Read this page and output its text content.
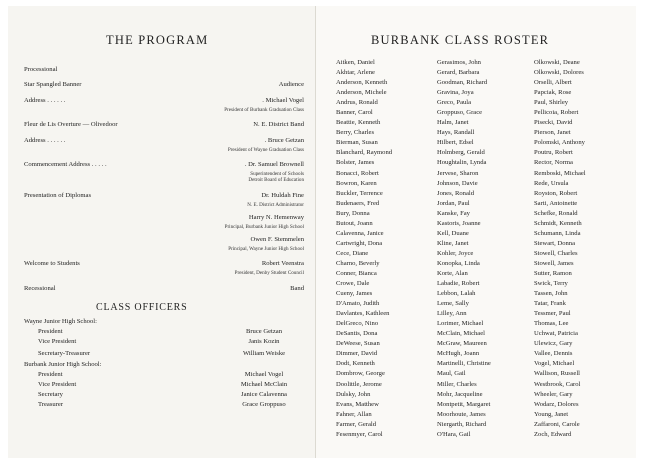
THE PROGRAM
Processional
Star Spangled Banner	Audience
Address . . . . . .	. Michael Vogel
President of Burbank Graduation Class
Fleur de Lis Overture — Olivedoor	N. E. District Band
Address . . . . . .	. Bruce Getzan
President of Wayne Graduation Class
Commencement Address . . . . .	. Dr. Samuel Brownell
Superintendent of Schools
Detroit Board of Education
Presentation of Diplomas	Dr. Huldah Fine
N. E. District Administrator
Harry N. Hemenway
Principal, Burbank Junior High School
Owen F. Stemmelen
Principal, Wayne Junior High School
Welcome to Students	Robert Veenstra
President, Denby Student Council
Recessional	Band
CLASS OFFICERS
Wayne Junior High School:
President	Bruce Getzan
Vice President	Janis Kozin
Secretary-Treasurer	William Weiske
Burbank Junior High School:
President	Michael Vogel
Vice President	Michael McClain
Secretary	Janice Calavenna
Treasurer	Grace Groppuso
BURBANK CLASS ROSTER
Aitken, Daniel
Akhtar, Arlene
Anderson, Kenneth
Anderson, Michele
Andrus, Ronald
Banner, Carol
Beattie, Kenneth
Berry, Charles
Bierman, Susan
Blanchard, Raymond
Bolster, James
Bonacci, Robert
Bowron, Karen
Buckler, Terrence
Budenaers, Fred
Bury, Donna
Butout, Joann
Calavenna, Janice
Cartwright, Dona
Cece, Diane
Charno, Beverly
Conner, Bianca
Crowe, Dale
Cueny, James
D'Amato, Judith
Davlantes, Kathleen
DelGreco, Nino
DeSantis, Dona
DeWeese, Susan
Dimmer, David
Dodt, Kenneth
Dombrow, George
Doolittle, Jerome
Dulsky, John
Evans, Matthew
Fahner, Allan
Farmer, Gerald
Fesenmyer, Carol
Gerasimos, John
Gerard, Barbara
Goodman, Richard
Gravina, Joya
Greco, Paula
Groppuso, Grace
Halm, Janet
Hays, Randall
Hilbert, Edsel
Holmberg, Gerald
Houghtalin, Lynda
Jervese, Sharon
Johnson, Davie
Jones, Ronald
Jordan, Paul
Kanske, Fay
Kastoris, Joanne
Kell, Duane
Kline, Janet
Kohler, Joyce
Konopka, Linda
Korte, Alan
Labadie, Robert
Lebbon, Lalah
Leme, Sally
Lilley, Ann
Lorimer, Michael
McClain, Michael
McGraw, Maureen
McHugh, Joann
Martinelli, Christine
Maul, Gail
Miller, Charles
Mohr, Jacqueline
Montpetit, Margaret
Moorhoute, James
Niergarth, Richard
O'Hara, Gail
Olkowski, Deane
Olkowski, Dolores
Orselli, Albert
Papciak, Rose
Paul, Shirley
Pellicoia, Robert
Pisecki, David
Pierson, Janet
Polomski, Anthony
Poutru, Robert
Rector, Norma
Remboski, Michael
Rede, Ursula
Royston, Robert
Sarti, Antoinette
Schefke, Ronald
Schmidt, Kenneth
Schumann, Linda
Stewart, Donna
Stowell, Charles
Stowell, James
Sutter, Ramon
Swick, Terry
Tassen, John
Tatar, Frank
Tessmer, Paul
Thomas, Lee
Uchwat, Patricia
Ulewicz, Gary
Vallee, Dennis
Vogel, Michael
Wallison, Russell
Westbrook, Carol
Wheeler, Gary
Wodarz, Dolores
Young, Janet
Zaffaroni, Carole
Zoch, Edward
